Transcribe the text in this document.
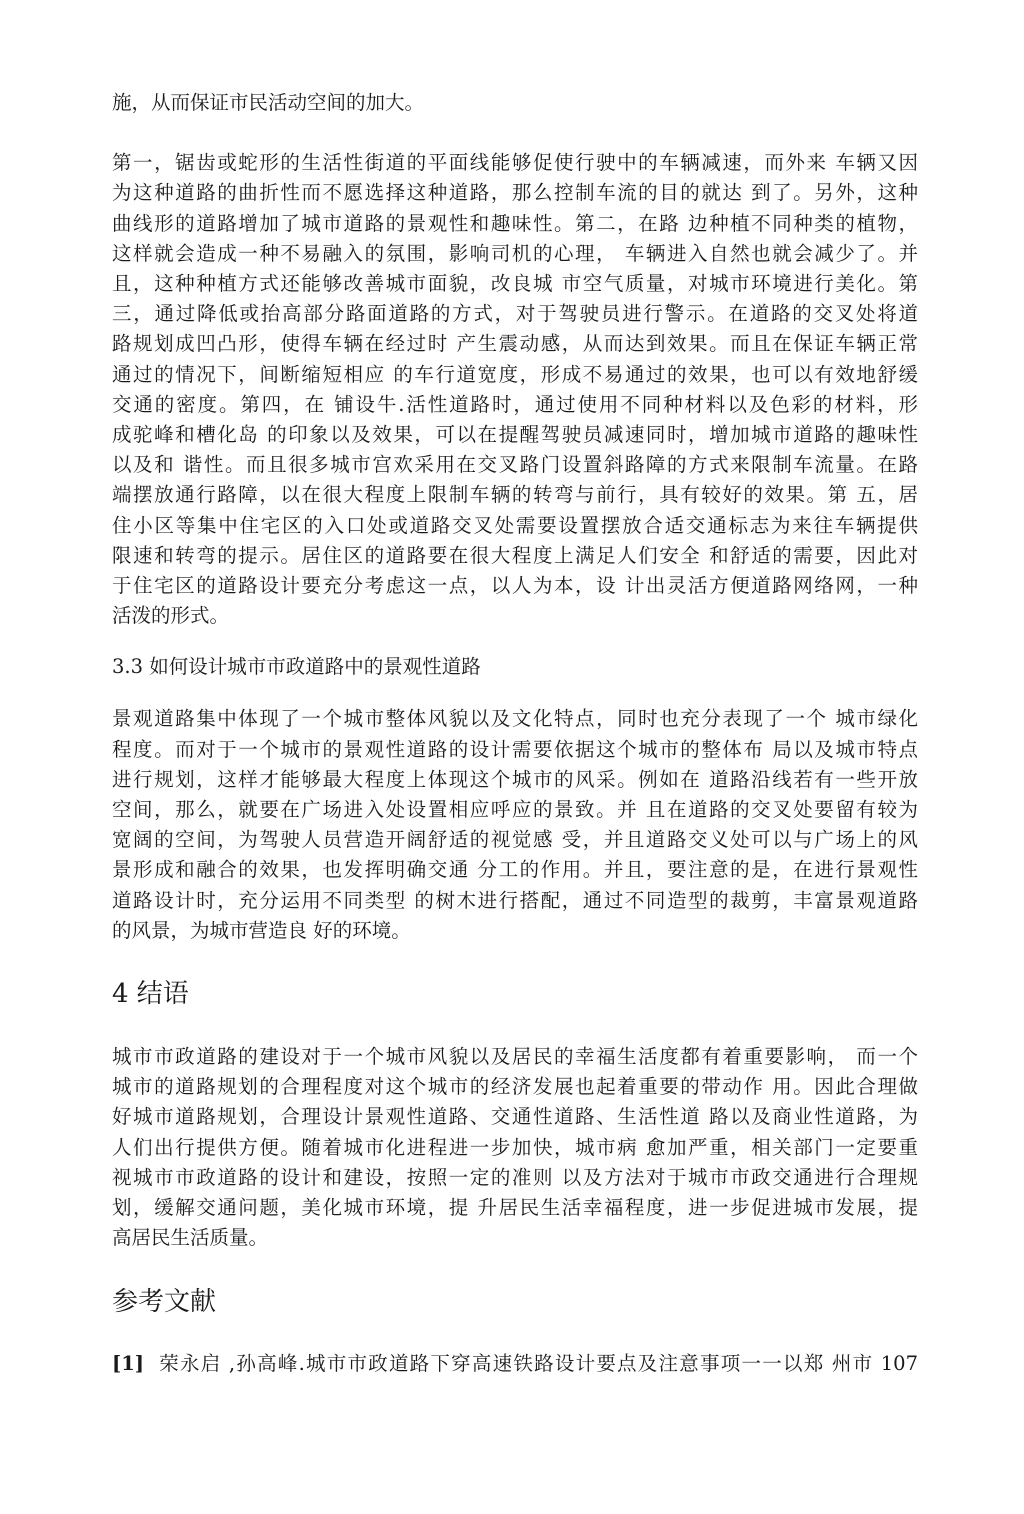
施，从而保证市民活动空间的加大。
第一，锯齿或蛇形的生活性街道的平面线能够促使行驶中的车辆减速，而外来 车辆又因
为这种道路的曲折性而不愿选择这种道路，那么控制车流的目的就达 到了。另外，这种
曲线形的道路增加了城市道路的景观性和趣味性。第二，在路 边种植不同种类的植物，
这样就会造成一种不易融入的氛围，影响司机的心理， 车辆进入自然也就会减少了。并
且，这种种植方式还能够改善城市面貌，改良城 市空气质量，对城市环境进行美化。第
三，通过降低或抬高部分路面道路的方式，对于驾驶员进行警示。在道路的交叉处将道
路规划成凹凸形，使得车辆在经过时 产生震动感，从而达到效果。而且在保证车辆正常
通过的情况下，间断缩短相应 的车行道宽度，形成不易通过的效果，也可以有效地舒缓
交通的密度。第四，在 铺设牛.活性道路时，通过使用不同种材料以及色彩的材料，形
成驼峰和槽化岛 的印象以及效果，可以在提醒驾驶员减速同时，增加城市道路的趣味性
以及和 谐性。而且很多城市宫欢采用在交叉路门设置斜路障的方式来限制车流量。在路
端摆放通行路障，以在很大程度上限制车辆的转弯与前行，具有较好的效果。第 五，居
住小区等集中住宅区的入口处或道路交叉处需要设置摆放合适交通标志为来往车辆提供
限速和转弯的提示。居住区的道路要在很大程度上满足人们安全 和舒适的需要，因此对
于住宅区的道路设计要充分考虑这一点，以人为本，设 计出灵活方便道路网络网，一种
活泼的形式。
3.3 如何设计城市市政道路中的景观性道路
景观道路集中体现了一个城市整体风貌以及文化特点，同时也充分表现了一个 城市绿化
程度。而对于一个城市的景观性道路的设计需要依据这个城市的整体布 局以及城市特点
进行规划，这样才能够最大程度上体现这个城市的风采。例如在 道路沿线若有一些开放
空间，那么，就要在广场进入处设置相应呼应的景致。并 且在道路的交叉处要留有较为
宽阔的空间，为驾驶人员营造开阔舒适的视觉感 受，并且道路交义处可以与广场上的风
景形成和融合的效果，也发挥明确交通 分工的作用。并且，要注意的是，在进行景观性
道路设计时，充分运用不同类型 的树木进行搭配，通过不同造型的裁剪，丰富景观道路
的风景，为城市营造良 好的环境。
4 结语
城市市政道路的建设对于一个城市风貌以及居民的幸福生活度都有着重要影响， 而一个
城市的道路规划的合理程度对这个城市的经济发展也起着重要的带动作 用。因此合理做
好城市道路规划，合理设计景观性道路、交通性道路、生活性道 路以及商业性道路，为
人们出行提供方便。随着城市化进程进一步加快，城市病 愈加严重，相关部门一定要重
视城市市政道路的设计和建设，按照一定的准则 以及方法对于城市市政交通进行合理规
划，缓解交通问题，美化城市环境，提 升居民生活幸福程度，进一步促进城市发展，提
高居民生活质量。
参考文献
[1] 荣永启 ,孙高峰.城市市政道路下穿高速铁路设计要点及注意事项一一以郑 州市 107
